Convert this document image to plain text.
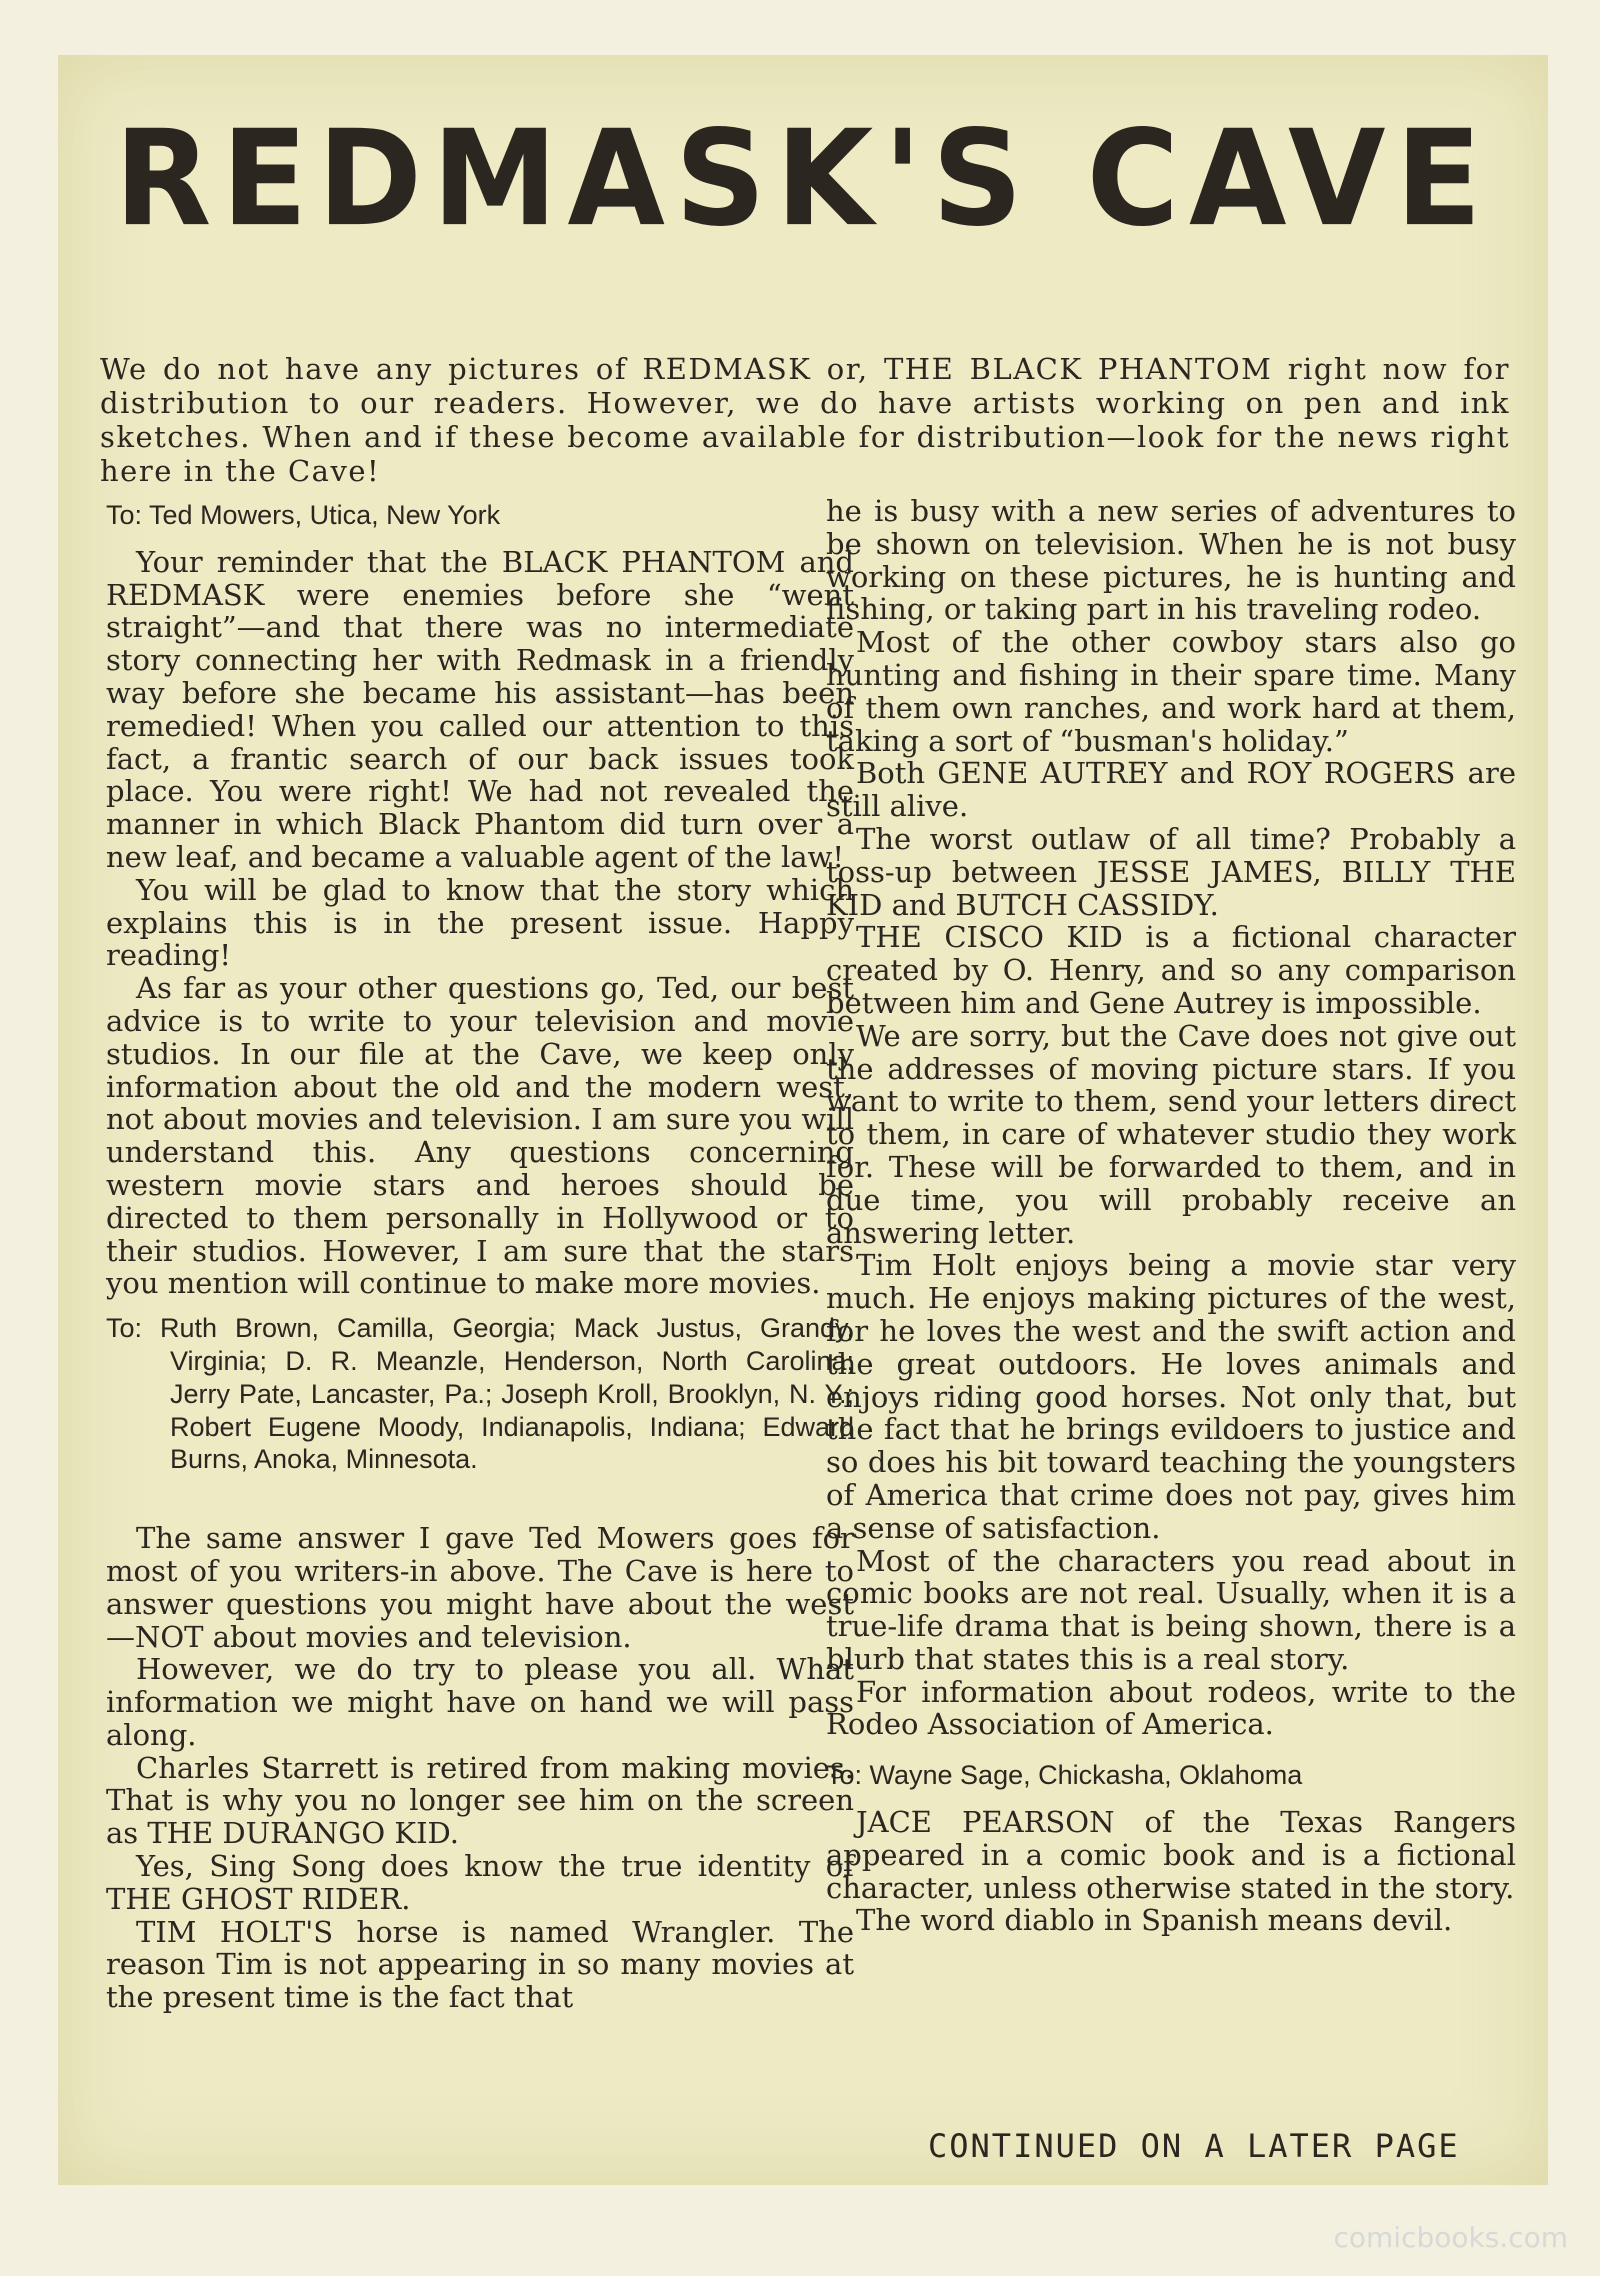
REDMASK'S CAVE

We do not have any pictures of REDMASK or, THE BLACK PHANTOM right now for distribution to our readers. However, we do have artists working on pen and ink sketches. When and if these become available for distribution—look for the news right here in the Cave!

To: Ted Mowers, Utica, New York

Your reminder that the BLACK PHANTOM and REDMASK were enemies before she “went straight”—and that there was no intermediate story connecting her with Redmask in a friendly way before she became his assistant—has been remedied! When you called our attention to this fact, a frantic search of our back issues took place. You were right! We had not revealed the manner in which Black Phantom did turn over a new leaf, and became a valuable agent of the law!

You will be glad to know that the story which explains this is in the present issue. Happy reading!

As far as your other questions go, Ted, our best advice is to write to your television and movie studios. In our file at the Cave, we keep only information about the old and the modern west, not about movies and television. I am sure you will understand this. Any questions concerning western movie stars and heroes should be directed to them personally in Hollywood or to their studios. However, I am sure that the stars you mention will continue to make more movies.

To: Ruth Brown, Camilla, Georgia; Mack Justus, Grandy, Virginia; D. R. Meanzle, Henderson, North Carolina; Jerry Pate, Lancaster, Pa.; Joseph Kroll, Brooklyn, N. Y.; Robert Eugene Moody, Indianapolis, Indiana; Edward Burns, Anoka, Minnesota.

The same answer I gave Ted Mowers goes for most of you writers-in above. The Cave is here to answer questions you might have about the west—NOT about movies and television.

However, we do try to please you all. What information we might have on hand we will pass along.

Charles Starrett is retired from making movies. That is why you no longer see him on the screen as THE DURANGO KID.

Yes, Sing Song does know the true identity of THE GHOST RIDER.

TIM HOLT'S horse is named Wrangler. The reason Tim is not appearing in so many movies at the present time is the fact that

he is busy with a new series of adventures to be shown on television. When he is not busy working on these pictures, he is hunting and fishing, or taking part in his traveling rodeo.

Most of the other cowboy stars also go hunting and fishing in their spare time. Many of them own ranches, and work hard at them, taking a sort of “busman's holiday.”

Both GENE AUTREY and ROY ROGERS are still alive.

The worst outlaw of all time? Probably a toss-up between JESSE JAMES, BILLY THE KID and BUTCH CASSIDY.

THE CISCO KID is a fictional character created by O. Henry, and so any comparison between him and Gene Autrey is impossible.

We are sorry, but the Cave does not give out the addresses of moving picture stars. If you want to write to them, send your letters direct to them, in care of whatever studio they work for. These will be forwarded to them, and in due time, you will probably receive an answering letter.

Tim Holt enjoys being a movie star very much. He enjoys making pictures of the west, for he loves the west and the swift action and the great outdoors. He loves animals and enjoys riding good horses. Not only that, but the fact that he brings evildoers to justice and so does his bit toward teaching the youngsters of America that crime does not pay, gives him a sense of satisfaction.

Most of the characters you read about in comic books are not real. Usually, when it is a true-life drama that is being shown, there is a blurb that states this is a real story.

For information about rodeos, write to the Rodeo Association of America.

To: Wayne Sage, Chickasha, Oklahoma

JACE PEARSON of the Texas Rangers appeared in a comic book and is a fictional character, unless otherwise stated in the story.

The word diablo in Spanish means devil.

CONTINUED ON A LATER PAGE
comicbooks.com
